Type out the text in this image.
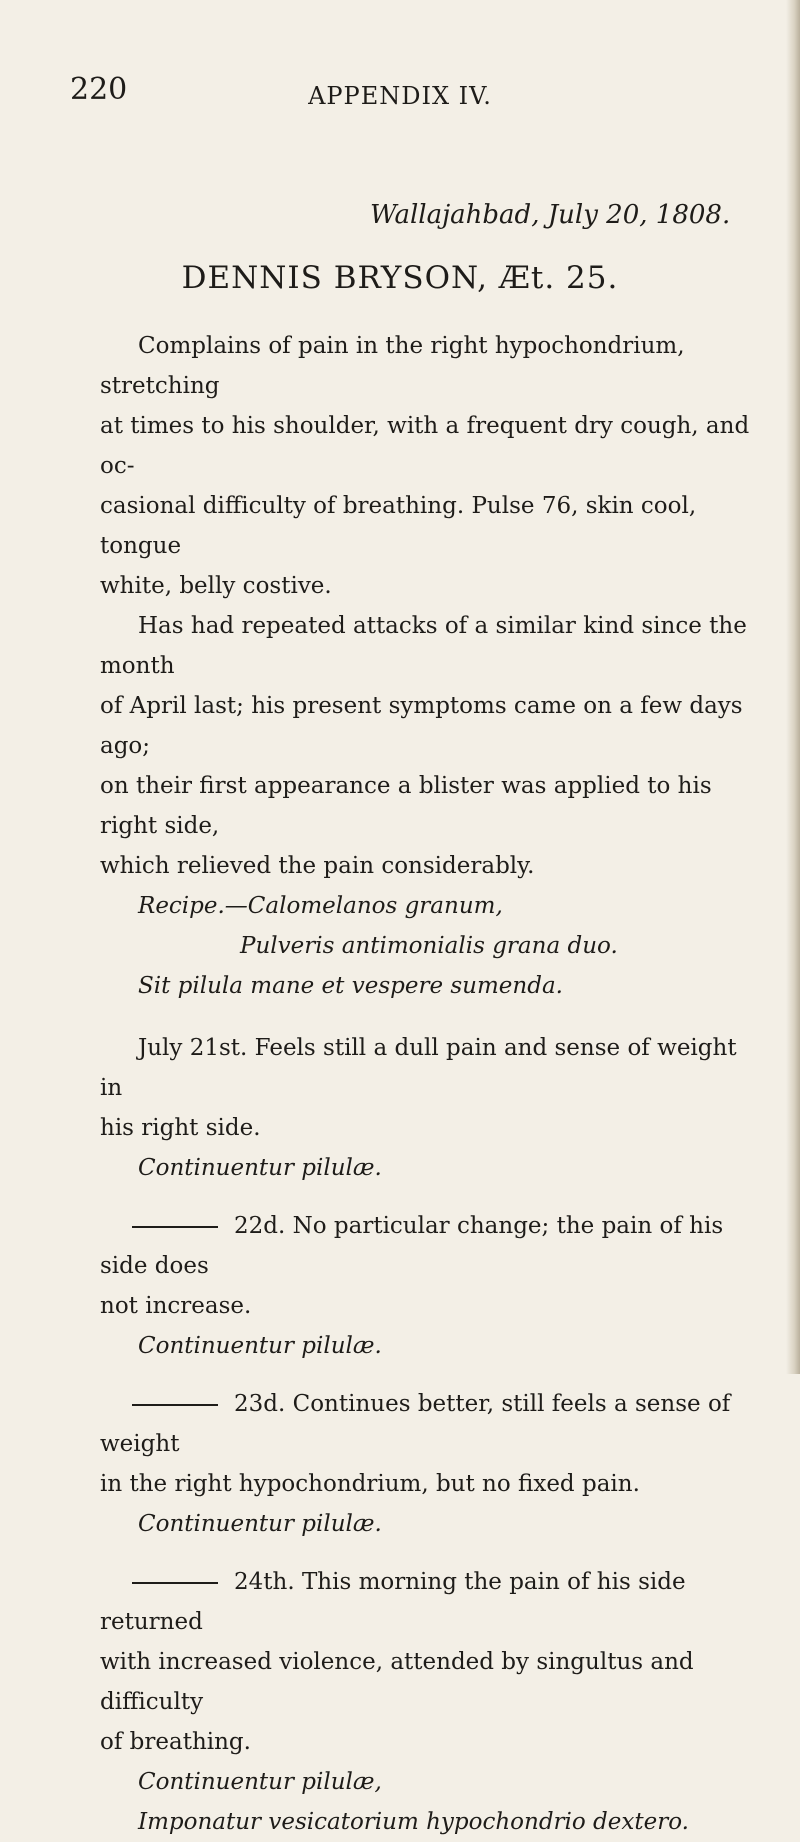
220	APPENDIX IV.
Wallajahbad, July 20, 1808.
DENNIS BRYSON, Æt. 25.

Complains of pain in the right hypochondrium, stretching

at times to his shoulder, with a frequent dry cough, and oc-

casional difficulty of breathing. Pulse 76, skin cool, tongue

white, belly costive.

Has had repeated attacks of a similar kind since the month

of April last; his present symptoms came on a few days ago;

on their first appearance a blister was applied to his right side,

which relieved the pain considerably.

Recipe.—Calomelanos granum,

Pulveris antimonialis grana duo.

Sit pilula mane et vespere sumenda.

July 21st. Feels still a dull pain and sense of weight in

his right side.

Continuentur pilulæ.

22d. No particular change; the pain of his side does

not increase.

Continuentur pilulæ.

23d. Continues better, still feels a sense of weight

in the right hypochondrium, but no fixed pain.

Continuentur pilulæ.

24th. This morning the pain of his side returned

with increased violence, attended by singultus and difficulty

of breathing.

Continuentur pilulæ,

Imponatur vesicatorium hypochondrio dextero.
